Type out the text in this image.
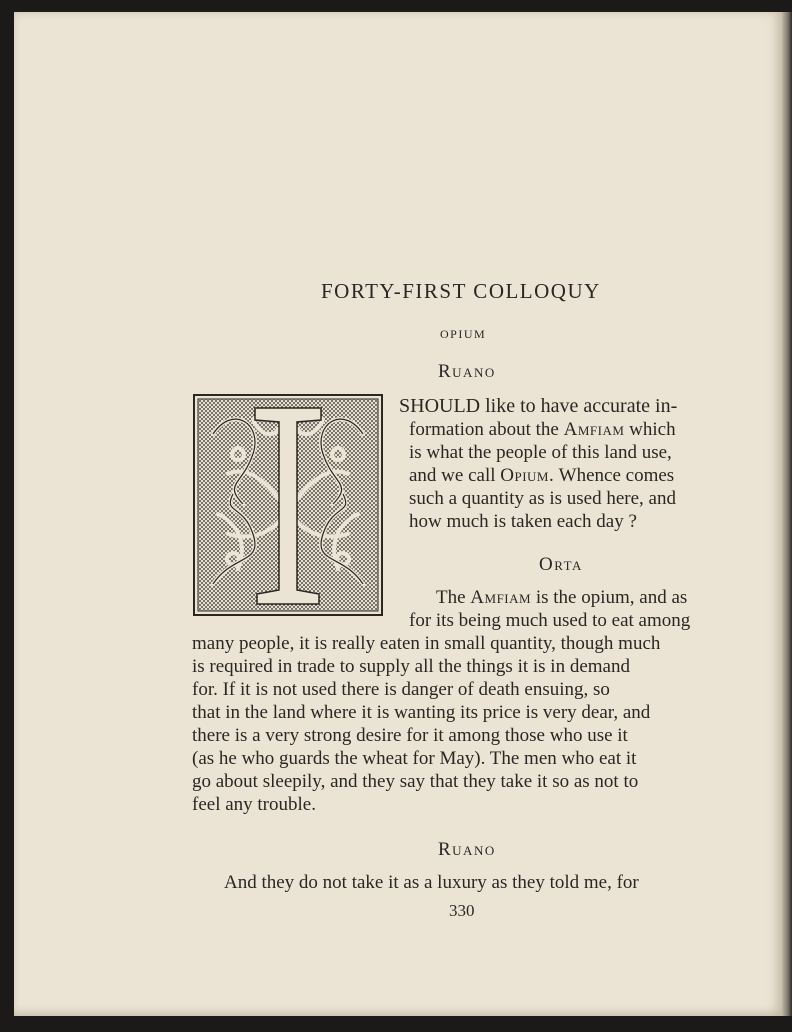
FORTY-FIRST COLLOQUY
OPIUM
Ruano
SHOULD like to have accurate in-
formation about the Amfiam which
is what the people of this land use,
and we call Opium. Whence comes
such a quantity as is used here, and
how much is taken each day ?
Orta
The Amfiam is the opium, and as
for its being much used to eat among
many people, it is really eaten in small quantity, though much
is required in trade to supply all the things it is in demand
for. If it is not used there is danger of death ensuing, so
that in the land where it is wanting its price is very dear, and
there is a very strong desire for it among those who use it
(as he who guards the wheat for May). The men who eat it
go about sleepily, and they say that they take it so as not to
feel any trouble.
Ruano
And they do not take it as a luxury as they told me, for
330
